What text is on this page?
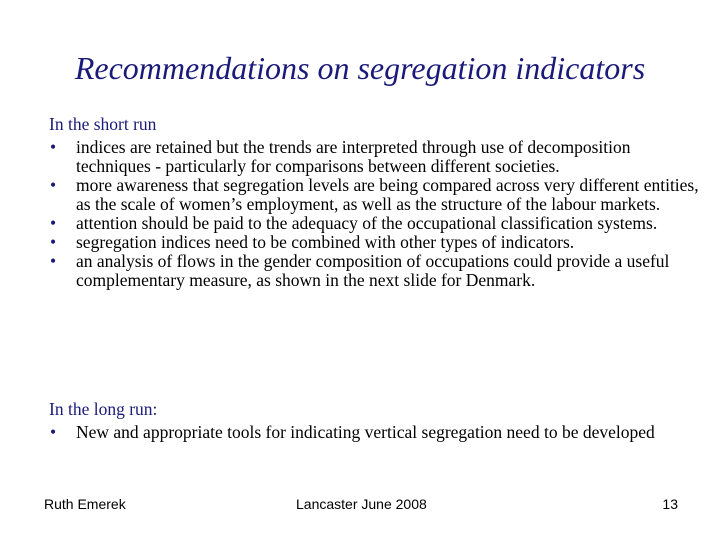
Recommendations on segregation indicators
In the short run
• indices are retained but the trends are interpreted through use of decomposition techniques - particularly for comparisons between different societies.
• more awareness that segregation levels are being compared across very different entities, as the scale of women’s employment, as well as the structure of the labour markets.
• attention should be paid to the adequacy of the occupational classification systems.
• segregation indices need to be combined with other types of indicators.
• an analysis of flows in the gender composition of occupations could provide a useful complementary measure, as shown in the next slide for Denmark.
In the long run:
• New and appropriate tools for indicating vertical segregation need to be developed
Ruth Emerek	Lancaster June 2008	13
